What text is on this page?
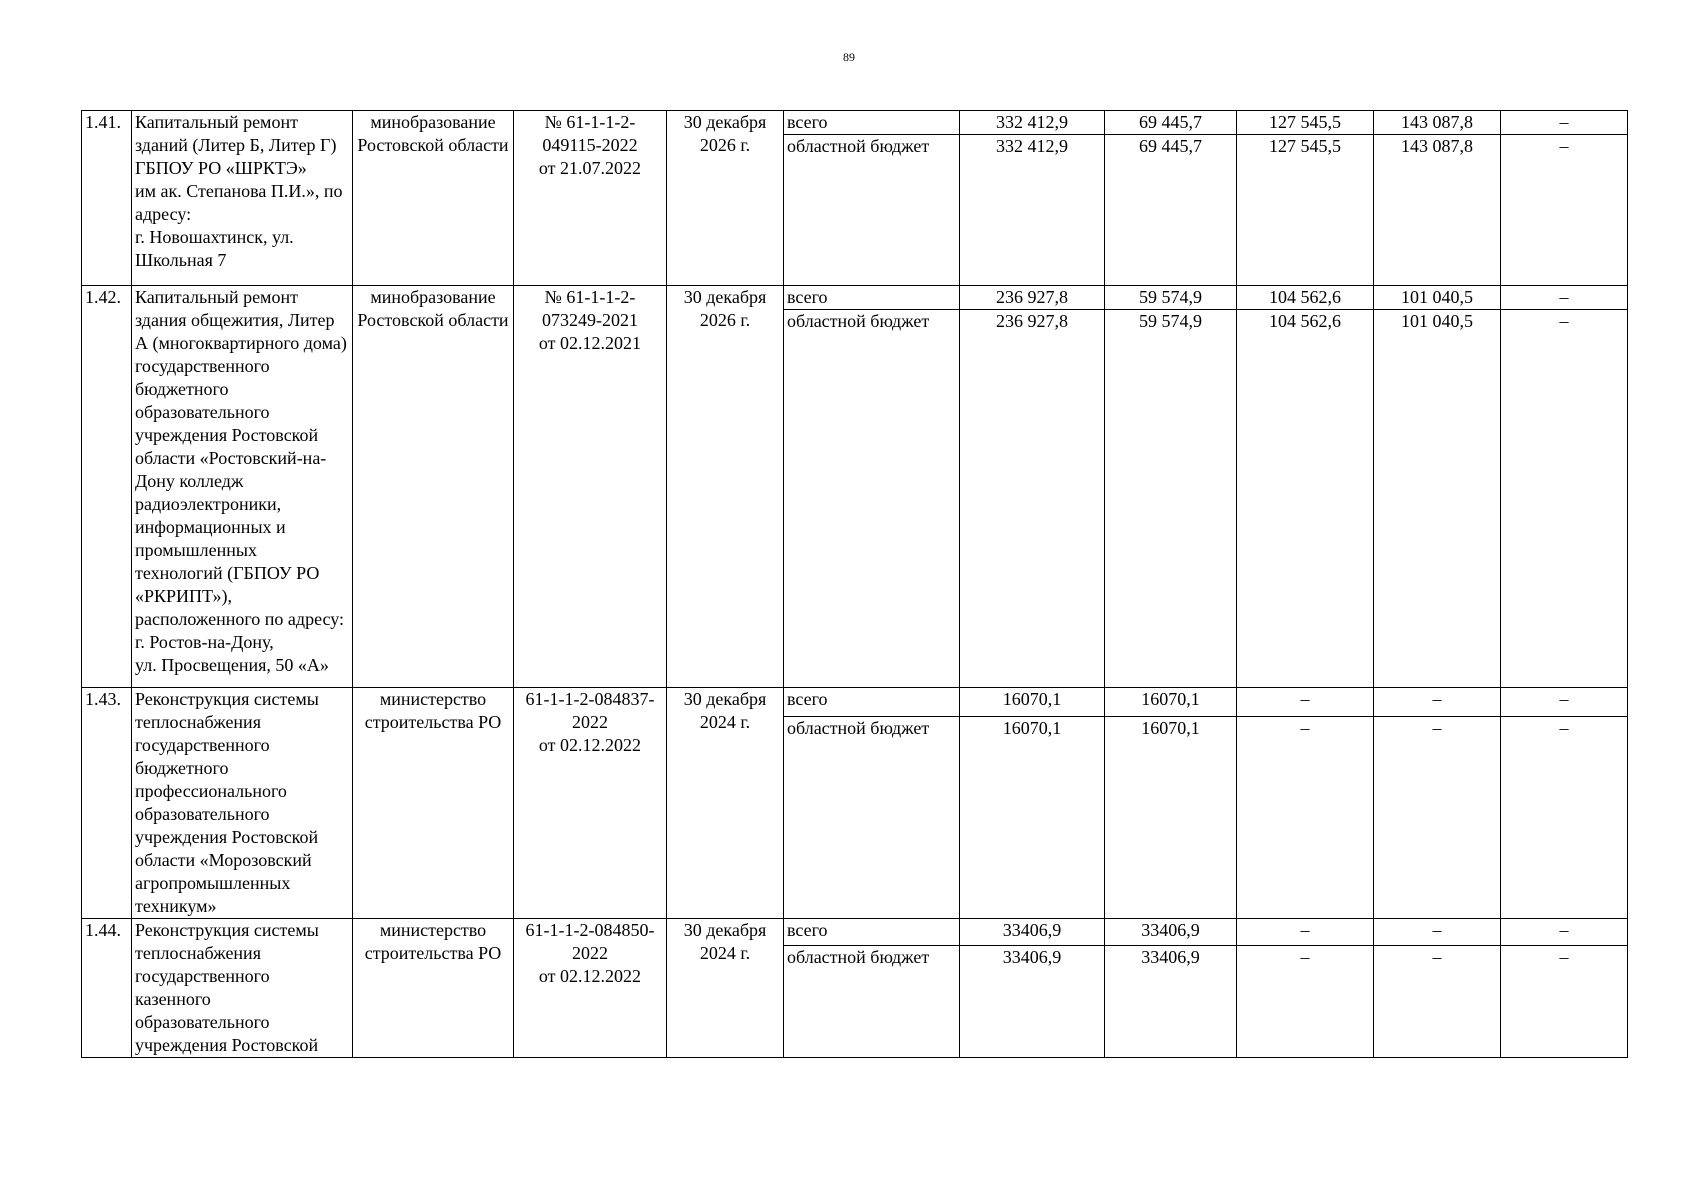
89
1.41.	Капитальный ремонт зданий (Литер Б, Литер Г) ГБПОУ РО «ШРКТЭ»
им ак. Степанова П.И.», по адресу:
г. Новошахтинск, ул. Школьная 7	минобразование Ростовской области	№ 61-1-1-2-049115-2022
от 21.07.2022	30 декабря 2026 г.	всего	332 412,9	69 445,7	127 545,5	143 087,8	–
					областной бюджет	332 412,9	69 445,7	127 545,5	143 087,8	–
1.42.	Капитальный ремонт здания общежития, Литер А (многоквартирного дома) государственного бюджетного образовательного учреждения Ростовской области «Ростовский-на-Дону колледж радиоэлектроники, информационных и промышленных технологий (ГБПОУ РО «РКРИПТ»), расположенного по адресу:
г. Ростов-на-Дону,
ул. Просвещения, 50 «А»	минобразование Ростовской области	№ 61-1-1-2-073249-2021
от 02.12.2021	30 декабря 2026 г.	всего	236 927,8	59 574,9	104 562,6	101 040,5	–
					областной бюджет	236 927,8	59 574,9	104 562,6	101 040,5	–
1.43.	Реконструкция системы теплоснабжения государственного бюджетного профессионального образовательного учреждения Ростовской области «Морозовский агропромышленных техникум»	министерство строительства РО	61-1-1-2-084837-2022
от 02.12.2022	30 декабря 2024 г.	всего	16070,1	16070,1	–	–	–
					областной бюджет	16070,1	16070,1	–	–	–
1.44.	Реконструкция системы теплоснабжения государственного казенного образовательного учреждения Ростовской	министерство строительства РО	61-1-1-2-084850-2022
от 02.12.2022	30 декабря 2024 г.	всего	33406,9	33406,9	–	–	–
					областной бюджет	33406,9	33406,9	–	–	–
